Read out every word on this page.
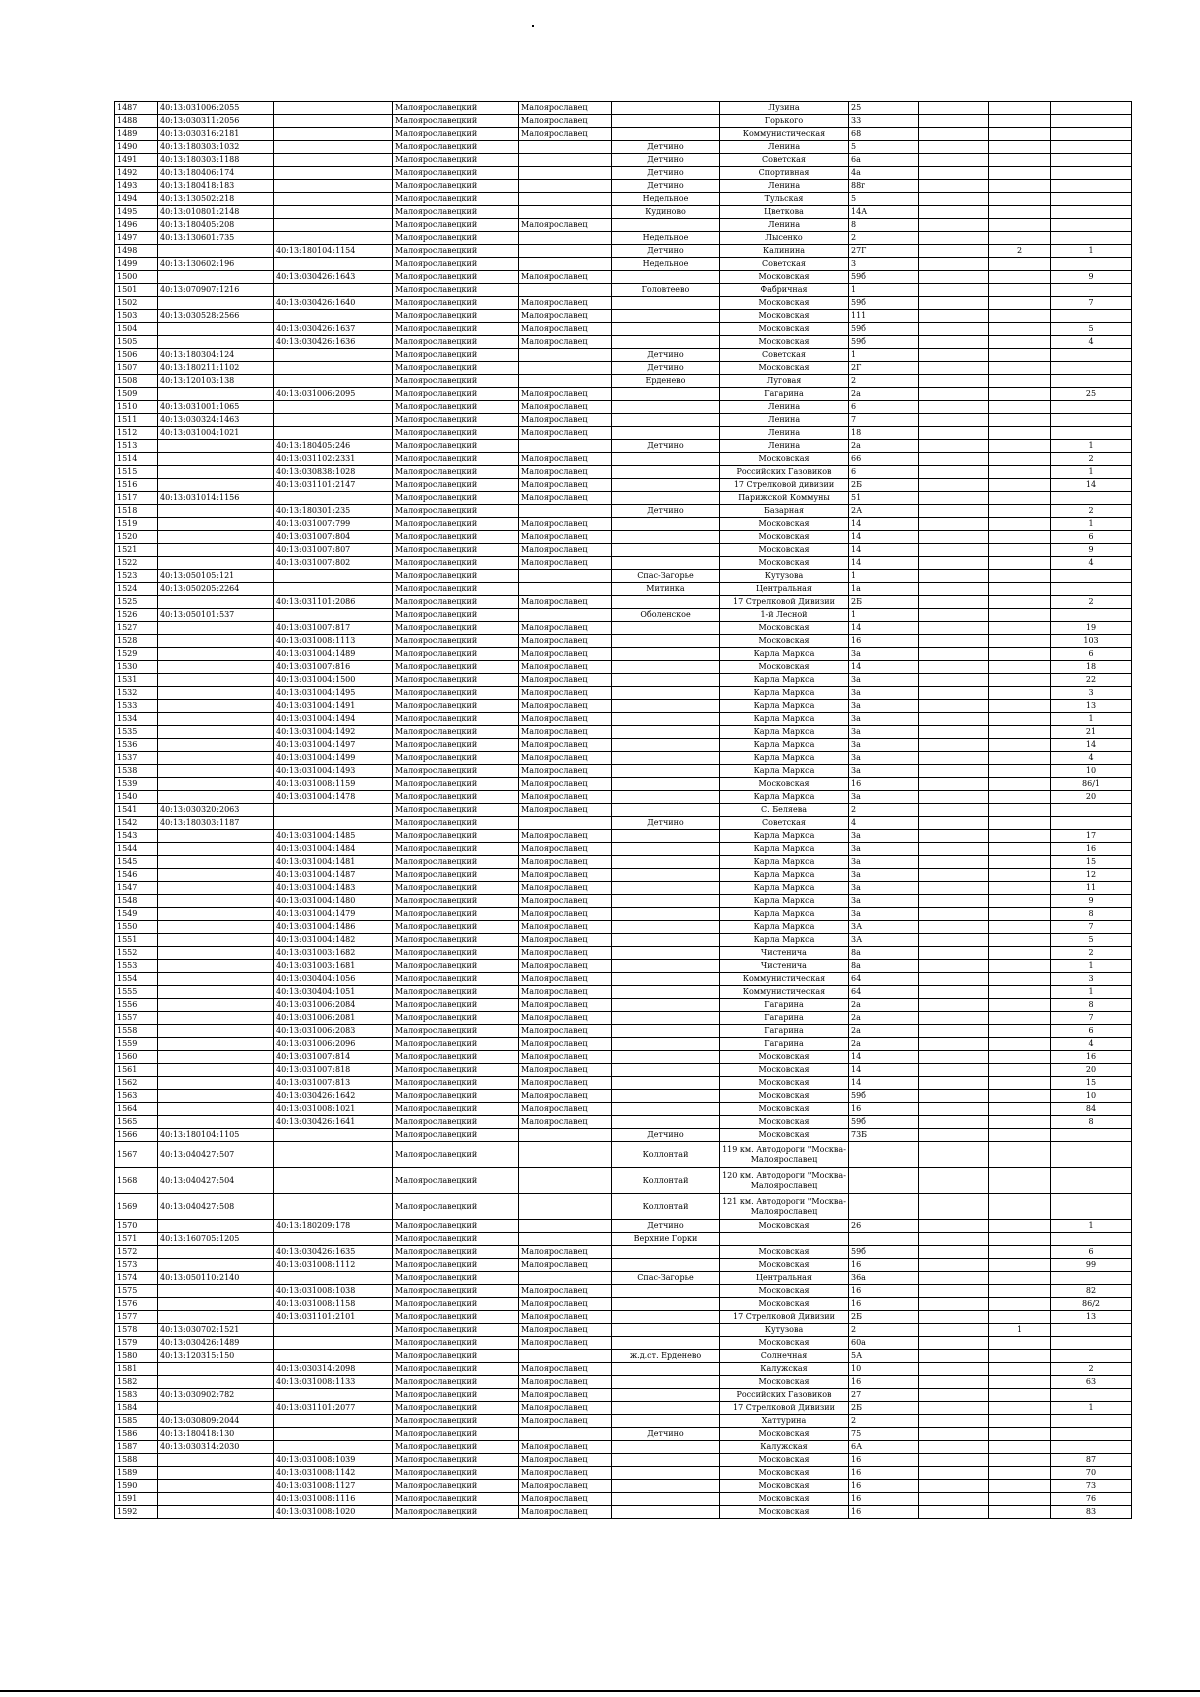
1487	40:13:031006:2055		Малоярославецкий	Малоярославец		Лузина	25			
1488	40:13:030311:2056		Малоярославецкий	Малоярославец		Горького	33			
1489	40:13:030316:2181		Малоярославецкий	Малоярославец		Коммунистическая	68			
1490	40:13:180303:1032		Малоярославецкий		Детчино	Ленина	5			
1491	40:13:180303:1188		Малоярославецкий		Детчино	Советская	6а			
1492	40:13:180406:174		Малоярославецкий		Детчино	Спортивная	4а			
1493	40:13:180418:183		Малоярославецкий		Детчино	Ленина	88г			
1494	40:13:130502:218		Малоярославецкий		Недельное	Тульская	5			
1495	40:13:010801:2148		Малоярославецкий		Кудиново	Цветкова	14А			
1496	40:13:180405:208		Малоярославецкий	Малоярославец		Ленина	8			
1497	40:13:130601:735		Малоярославецкий		Недельное	Лысенко	2			
1498		40:13:180104:1154	Малоярославецкий		Детчино	Калинина	27Г		2	1
1499	40:13:130602:196		Малоярославецкий		Недельное	Советская	3			
1500		40:13:030426:1643	Малоярославецкий	Малоярославец		Московская	59б			9
1501	40:13:070907:1216		Малоярославецкий		Головтеево	Фабричная	1			
1502		40:13:030426:1640	Малоярославецкий	Малоярославец		Московская	59б			7
1503	40:13:030528:2566		Малоярославецкий	Малоярославец		Московская	111			
1504		40:13:030426:1637	Малоярославецкий	Малоярославец		Московская	59б			5
1505		40:13:030426:1636	Малоярославецкий	Малоярославец		Московская	59б			4
1506	40:13:180304:124		Малоярославецкий		Детчино	Советская	1			
1507	40:13:180211:1102		Малоярославецкий		Детчино	Московская	2Г			
1508	40:13:120103:138		Малоярославецкий		Ерденево	Луговая	2			
1509		40:13:031006:2095	Малоярославецкий	Малоярославец		Гагарина	2а			25
1510	40:13:031001:1065		Малоярославецкий	Малоярославец		Ленина	6			
1511	40:13:030324:1463		Малоярославецкий	Малоярославец		Ленина	7			
1512	40:13:031004:1021		Малоярославецкий	Малоярославец		Ленина	18			
1513		40:13:180405:246	Малоярославецкий		Детчино	Ленина	2а			1
1514		40:13:031102:2331	Малоярославецкий	Малоярославец		Московская	66			2
1515		40:13:030838:1028	Малоярославецкий	Малоярославец		Российских Газовиков	6			1
1516		40:13:031101:2147	Малоярославецкий	Малоярославец		17 Стрелковой дивизии	2Б			14
1517	40:13:031014:1156		Малоярославецкий	Малоярославец		Парижской Коммуны	51			
1518		40:13:180301:235	Малоярославецкий		Детчино	Базарная	2А			2
1519		40:13:031007:799	Малоярославецкий	Малоярославец		Московская	14			1
1520		40:13:031007:804	Малоярославецкий	Малоярославец		Московская	14			6
1521		40:13:031007:807	Малоярославецкий	Малоярославец		Московская	14			9
1522		40:13:031007:802	Малоярославецкий	Малоярославец		Московская	14			4
1523	40:13:050105:121		Малоярославецкий		Спас-Загорье	Кутузова	1			
1524	40:13:050205:2264		Малоярославецкий		Митинка	Центральная	1а			
1525		40:13:031101:2086	Малоярославецкий	Малоярославец		17 Стрелковой Дивизии	2Б			2
1526	40:13:050101:537		Малоярославецкий		Оболенское	1-й Лесной	1			
1527		40:13:031007:817	Малоярославецкий	Малоярославец		Московская	14			19
1528		40:13:031008:1113	Малоярославецкий	Малоярославец		Московская	16			103
1529		40:13:031004:1489	Малоярославецкий	Малоярославец		Карла Маркса	3а			6
1530		40:13:031007:816	Малоярославецкий	Малоярославец		Московская	14			18
1531		40:13:031004:1500	Малоярославецкий	Малоярославец		Карла Маркса	3а			22
1532		40:13:031004:1495	Малоярославецкий	Малоярославец		Карла Маркса	3а			3
1533		40:13:031004:1491	Малоярославецкий	Малоярославец		Карла Маркса	3а			13
1534		40:13:031004:1494	Малоярославецкий	Малоярославец		Карла Маркса	3а			1
1535		40:13:031004:1492	Малоярославецкий	Малоярославец		Карла Маркса	3а			21
1536		40:13:031004:1497	Малоярославецкий	Малоярославец		Карла Маркса	3а			14
1537		40:13:031004:1499	Малоярославецкий	Малоярославец		Карла Маркса	3а			4
1538		40:13:031004:1493	Малоярославецкий	Малоярославец		Карла Маркса	3а			10
1539		40:13:031008:1159	Малоярославецкий	Малоярославец		Московская	16			86/1
1540		40:13:031004:1478	Малоярославецкий	Малоярославец		Карла Маркса	3а			20
1541	40:13:030320:2063		Малоярославецкий	Малоярославец		С. Беляева	2			
1542	40:13:180303:1187		Малоярославецкий		Детчино	Советская	4			
1543		40:13:031004:1485	Малоярославецкий	Малоярославец		Карла Маркса	3а			17
1544		40:13:031004:1484	Малоярославецкий	Малоярославец		Карла Маркса	3а			16
1545		40:13:031004:1481	Малоярославецкий	Малоярославец		Карла Маркса	3а			15
1546		40:13:031004:1487	Малоярославецкий	Малоярославец		Карла Маркса	3а			12
1547		40:13:031004:1483	Малоярославецкий	Малоярославец		Карла Маркса	3а			11
1548		40:13:031004:1480	Малоярославецкий	Малоярославец		Карла Маркса	3а			9
1549		40:13:031004:1479	Малоярославецкий	Малоярославец		Карла Маркса	3а			8
1550		40:13:031004:1486	Малоярославецкий	Малоярославец		Карла Маркса	3А			7
1551		40:13:031004:1482	Малоярославецкий	Малоярославец		Карла Маркса	3А			5
1552		40:13:031003:1682	Малоярославецкий	Малоярославец		Чистенича	8а			2
1553		40:13:031003:1681	Малоярославецкий	Малоярославец		Чистенича	8а			1
1554		40:13:030404:1056	Малоярославецкий	Малоярославец		Коммунистическая	64			3
1555		40:13:030404:1051	Малоярославецкий	Малоярославец		Коммунистическая	64			1
1556		40:13:031006:2084	Малоярославецкий	Малоярославец		Гагарина	2а			8
1557		40:13:031006:2081	Малоярославецкий	Малоярославец		Гагарина	2а			7
1558		40:13:031006:2083	Малоярославецкий	Малоярославец		Гагарина	2а			6
1559		40:13:031006:2096	Малоярославецкий	Малоярославец		Гагарина	2а			4
1560		40:13:031007:814	Малоярославецкий	Малоярославец		Московская	14			16
1561		40:13:031007:818	Малоярославецкий	Малоярославец		Московская	14			20
1562		40:13:031007:813	Малоярославецкий	Малоярославец		Московская	14			15
1563		40:13:030426:1642	Малоярославецкий	Малоярославец		Московская	59б			10
1564		40:13:031008:1021	Малоярославецкий	Малоярославец		Московская	16			84
1565		40:13:030426:1641	Малоярославецкий	Малоярославец		Московская	59б			8
1566	40:13:180104:1105		Малоярославецкий		Детчино	Московская	73Б			
1567	40:13:040427:507		Малоярославецкий		Коллонтай	119 км. Автодороги "Москва-Малоярославец				
1568	40:13:040427:504		Малоярославецкий		Коллонтай	120 км. Автодороги "Москва-Малоярославец				
1569	40:13:040427:508		Малоярославецкий		Коллонтай	121 км. Автодороги "Москва-Малоярославец				
1570		40:13:180209:178	Малоярославецкий		Детчино	Московская	26			1
1571	40:13:160705:1205		Малоярославецкий		Верхние Горки					
1572		40:13:030426:1635	Малоярославецкий	Малоярославец		Московская	59б			6
1573		40:13:031008:1112	Малоярославецкий	Малоярославец		Московская	16			99
1574	40:13:050110:2140		Малоярославецкий		Спас-Загорье	Центральная	36а			
1575		40:13:031008:1038	Малоярославецкий	Малоярославец		Московская	16			82
1576		40:13:031008:1158	Малоярославецкий	Малоярославец		Московская	16			86/2
1577		40:13:031101:2101	Малоярославецкий	Малоярославец		17 Стрелковой Дивизии	2Б			13
1578	40:13:030702:1521		Малоярославецкий	Малоярославец		Кутузова	2		1	
1579	40:13:030426:1489		Малоярославецкий	Малоярославец		Московская	60а			
1580	40:13:120315:150		Малоярославецкий		ж.д.ст. Ерденево	Солнечная	5А			
1581		40:13:030314:2098	Малоярославецкий	Малоярославец		Калужская	10			2
1582		40:13:031008:1133	Малоярославецкий	Малоярославец		Московская	16			63
1583	40:13:030902:782		Малоярославецкий	Малоярославец		Российских Газовиков	27			
1584		40:13:031101:2077	Малоярославецкий	Малоярославец		17 Стрелковой Дивизии	2Б			1
1585	40:13:030809:2044		Малоярославецкий	Малоярославец		Хаттурина	2			
1586	40:13:180418:130		Малоярославецкий		Детчино	Московская	75			
1587	40:13:030314:2030		Малоярославецкий	Малоярославец		Калужская	6А			
1588		40:13:031008:1039	Малоярославецкий	Малоярославец		Московская	16			87
1589		40:13:031008:1142	Малоярославецкий	Малоярославец		Московская	16			70
1590		40:13:031008:1127	Малоярославецкий	Малоярославец		Московская	16			73
1591		40:13:031008:1116	Малоярославецкий	Малоярославец		Московская	16			76
1592		40:13:031008:1020	Малоярославецкий	Малоярославец		Московская	16			83
